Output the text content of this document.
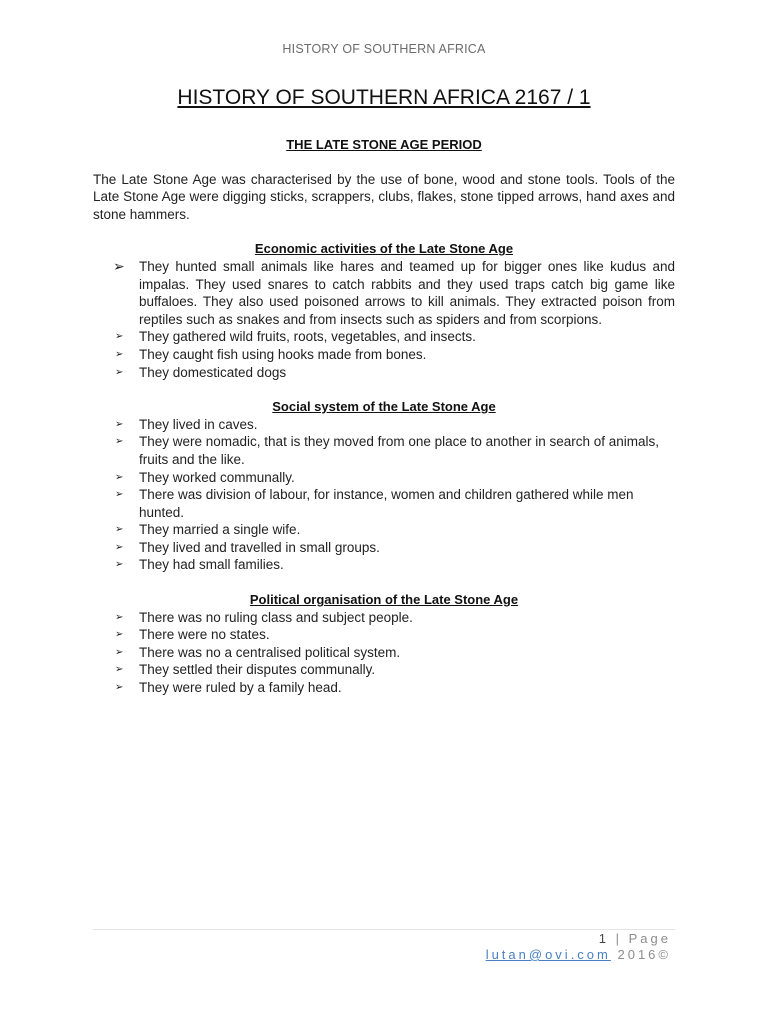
HISTORY OF SOUTHERN AFRICA
HISTORY OF SOUTHERN AFRICA 2167 / 1

THE LATE STONE AGE PERIOD

The Late Stone Age was characterised by the use of bone, wood and stone tools. Tools of the Late Stone Age were digging sticks, scrappers, clubs, flakes, stone tipped arrows, hand axes and stone hammers.

Economic activities of the Late Stone Age

➢ They hunted small animals like hares and teamed up for bigger ones like kudus and impalas. They used snares to catch rabbits and they used traps catch big game like buffaloes. They also used poisoned arrows to kill animals. They extracted poison from reptiles such as snakes and from insects such as spiders and from scorpions.
➢ They gathered wild fruits, roots, vegetables, and insects.
➢ They caught fish using hooks made from bones.
➢ They domesticated dogs

Social system of the Late Stone Age

➢ They lived in caves.
➢ They were nomadic, that is they moved from one place to another in search of animals, fruits and the like.
➢ They worked communally.
➢ There was division of labour, for instance, women and children gathered while men hunted.
➢ They married a single wife.
➢ They lived and travelled in small groups.
➢ They had small families.

Political organisation of the Late Stone Age

➢ There was no ruling class and subject people.
➢ There were no states.
➢ There was no a centralised political system.
➢ They settled their disputes communally.
➢ They were ruled by a family head.
1 | Page
lutan@ovi.com 2016©
